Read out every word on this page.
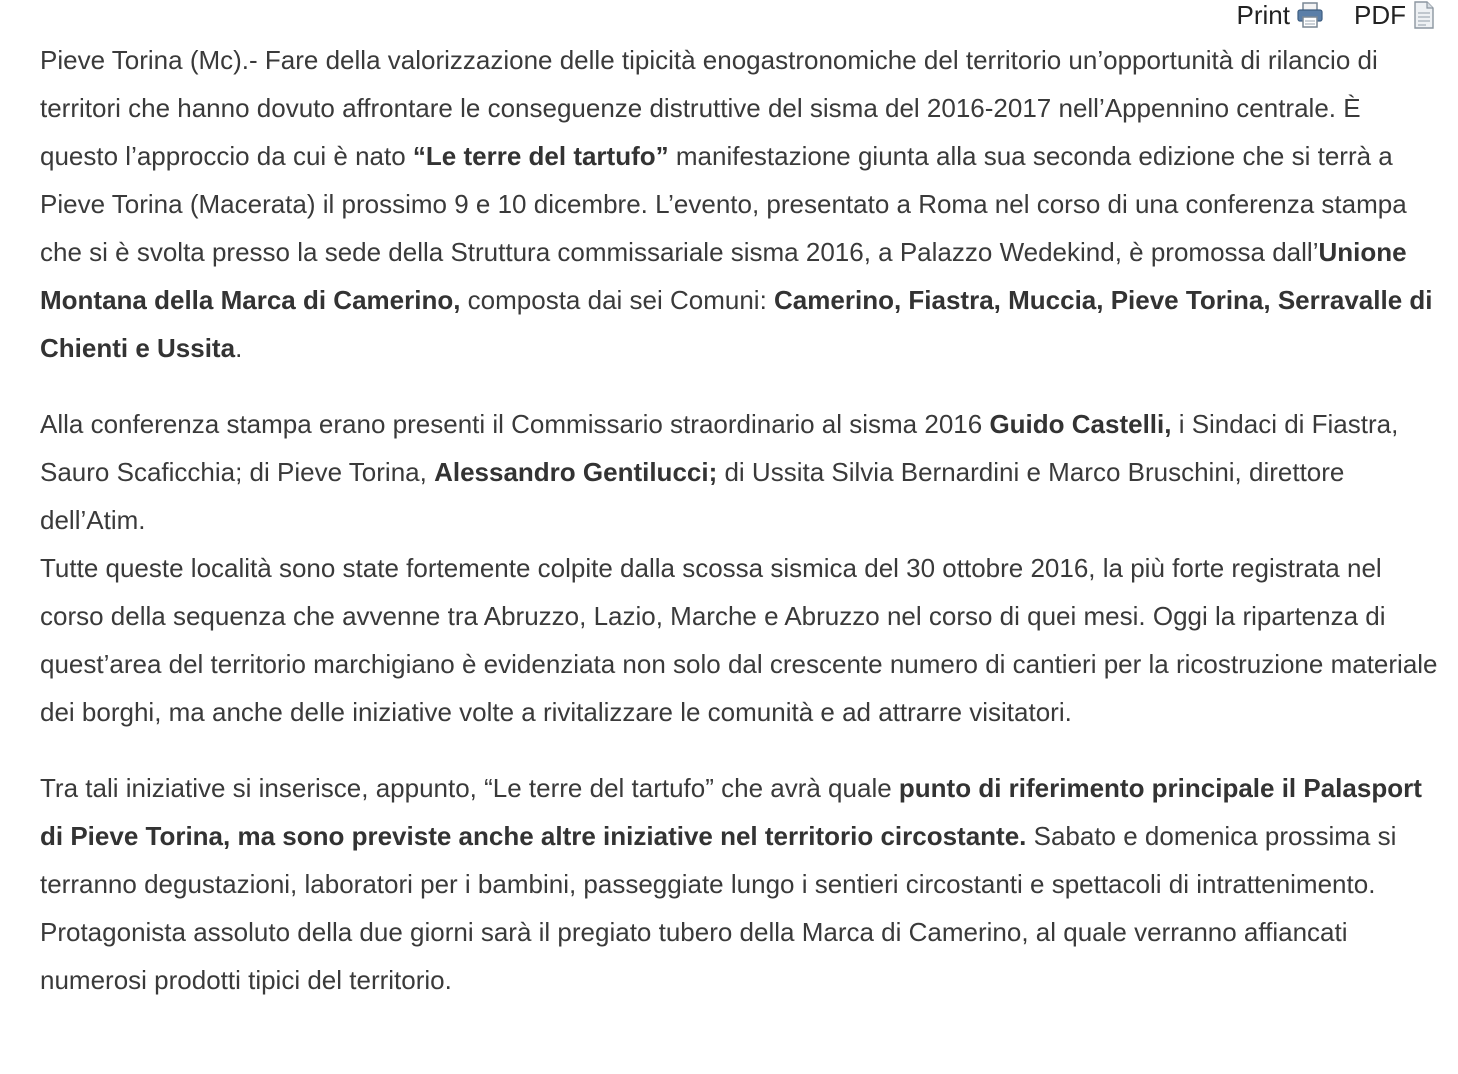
Print PDF

Pieve Torina (Mc).- Fare della valorizzazione delle tipicità enogastronomiche del territorio un’opportunità di rilancio di territori che hanno dovuto affrontare le conseguenze distruttive del sisma del 2016-2017 nell’Appennino centrale. È questo l’approccio da cui è nato “Le terre del tartufo” manifestazione giunta alla sua seconda edizione che si terrà a Pieve Torina (Macerata) il prossimo 9 e 10 dicembre. L’evento, presentato a Roma nel corso di una conferenza stampa che si è svolta presso la sede della Struttura commissariale sisma 2016, a Palazzo Wedekind, è promossa dall’Unione Montana della Marca di Camerino, composta dai sei Comuni: Camerino, Fiastra, Muccia, Pieve Torina, Serravalle di Chienti e Ussita.

Alla conferenza stampa erano presenti il Commissario straordinario al sisma 2016 Guido Castelli, i Sindaci di Fiastra, Sauro Scaficchia; di Pieve Torina, Alessandro Gentilucci; di Ussita Silvia Bernardini e Marco Bruschini, direttore dell’Atim.

Tutte queste località sono state fortemente colpite dalla scossa sismica del 30 ottobre 2016, la più forte registrata nel corso della sequenza che avvenne tra Abruzzo, Lazio, Marche e Abruzzo nel corso di quei mesi. Oggi la ripartenza di quest’area del territorio marchigiano è evidenziata non solo dal crescente numero di cantieri per la ricostruzione materiale dei borghi, ma anche delle iniziative volte a rivitalizzare le comunità e ad attrarre visitatori.

Tra tali iniziative si inserisce, appunto, “Le terre del tartufo” che avrà quale punto di riferimento principale il Palasport di Pieve Torina, ma sono previste anche altre iniziative nel territorio circostante. Sabato e domenica prossima si terranno degustazioni, laboratori per i bambini, passeggiate lungo i sentieri circostanti e spettacoli di intrattenimento. Protagonista assoluto della due giorni sarà il pregiato tubero della Marca di Camerino, al quale verranno affiancati numerosi prodotti tipici del territorio.
